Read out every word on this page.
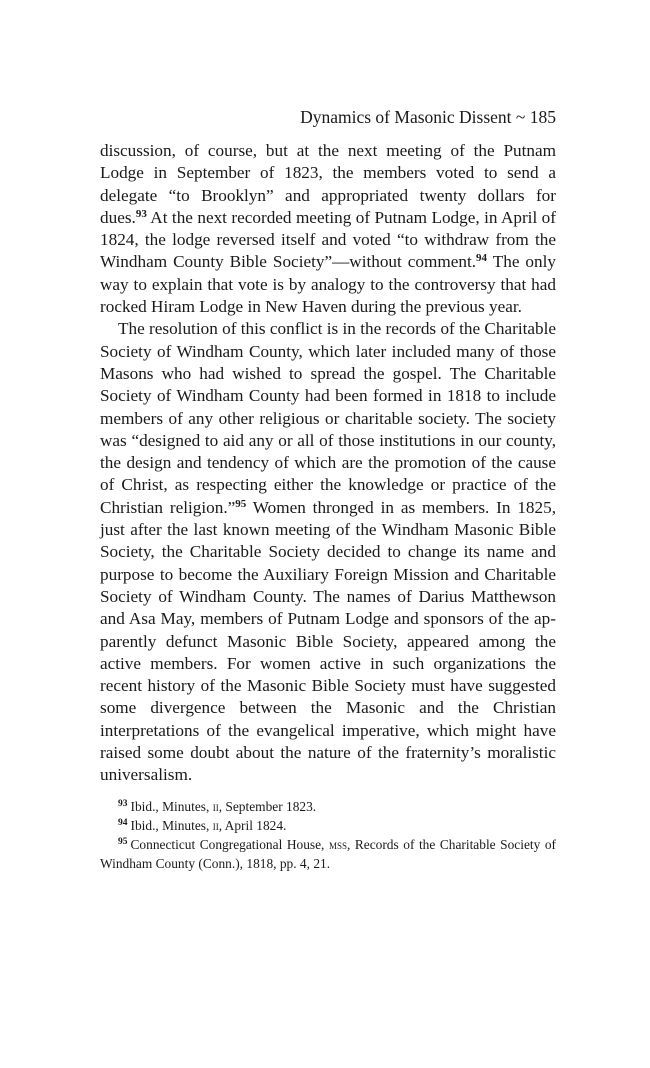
Dynamics of Masonic Dissent ~ 185

discussion, of course, but at the next meeting of the Putnam Lodge in September of 1823, the members voted to send a delegate “to Brooklyn” and appropriated twenty dollars for dues.$^{93}$ At the next recorded meeting of Putnam Lodge, in April of 1824, the lodge reversed itself and voted “to withdraw from the Windham County Bible Society”—without comment.$^{94}$ The only way to explain that vote is by analogy to the controversy that had rocked Hiram Lodge in New Haven during the previous year.

The resolution of this conflict is in the records of the Charitable Society of Windham County, which later included many of those Masons who had wished to spread the gospel. The Charitable Society of Windham County had been formed in 1818 to include members of any other religious or charitable society. The society was “designed to aid any or all of those institutions in our county, the design and tendency of which are the promotion of the cause of Christ, as respecting either the knowledge or practice of the Christian religion.”$^{95}$ Women thronged in as members. In 1825, just after the last known meeting of the Windham Masonic Bible Society, the Charitable Society decided to change its name and purpose to become the Auxiliary Foreign Mission and Charitable Society of Windham County. The names of Darius Matthewson and Asa May, members of Putnam Lodge and sponsors of the apparently defunct Masonic Bible Society, appeared among the active members. For women active in such organizations the recent history of the Masonic Bible Society must have suggested some divergence between the Masonic and the Christian interpretations of the evangelical imperative, which might have raised some doubt about the nature of the fraternity’s moralistic universalism.

$^{93}$ Ibid., Minutes, ii, September 1823.

$^{94}$ Ibid., Minutes, ii, April 1824.

$^{95}$ Connecticut Congregational House, mss, Records of the Charitable Society of Windham County (Conn.), 1818, pp. 4, 21.
